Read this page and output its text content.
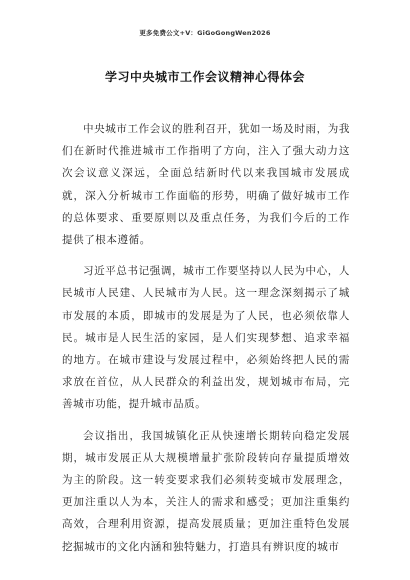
更多免费公文+V：GiGoGongWen2026
学习中央城市工作会议精神心得体会

中央城市工作会议的胜利召开，犹如一场及时雨，为我们在新时代推进城市工作指明了方向，注入了强大动力这次会议意义深远，全面总结新时代以来我国城市发展成就，深入分析城市工作面临的形势，明确了做好城市工作的总体要求、重要原则以及重点任务，为我们今后的工作提供了根本遵循。

习近平总书记强调，城市工作要坚持以人民为中心，人民城市人民建、人民城市为人民。这一理念深刻揭示了城市发展的本质，即城市的发展是为了人民，也必须依靠人民。城市是人民生活的家园，是人们实现梦想、追求幸福的地方。在城市建设与发展过程中，必须始终把人民的需求放在首位，从人民群众的利益出发，规划城市布局，完善城市功能，提升城市品质。

会议指出，我国城镇化正从快速增长期转向稳定发展期，城市发展正从大规模增量扩张阶段转向存量提质增效为主的阶段。这一转变要求我们必须转变城市发展理念，更加注重以人为本，关注人的需求和感受；更加注重集约高效，合理利用资源，提高发展质量；更加注重特色发展挖掘城市的文化内涵和独特魅力，打造具有辨识度的城市
